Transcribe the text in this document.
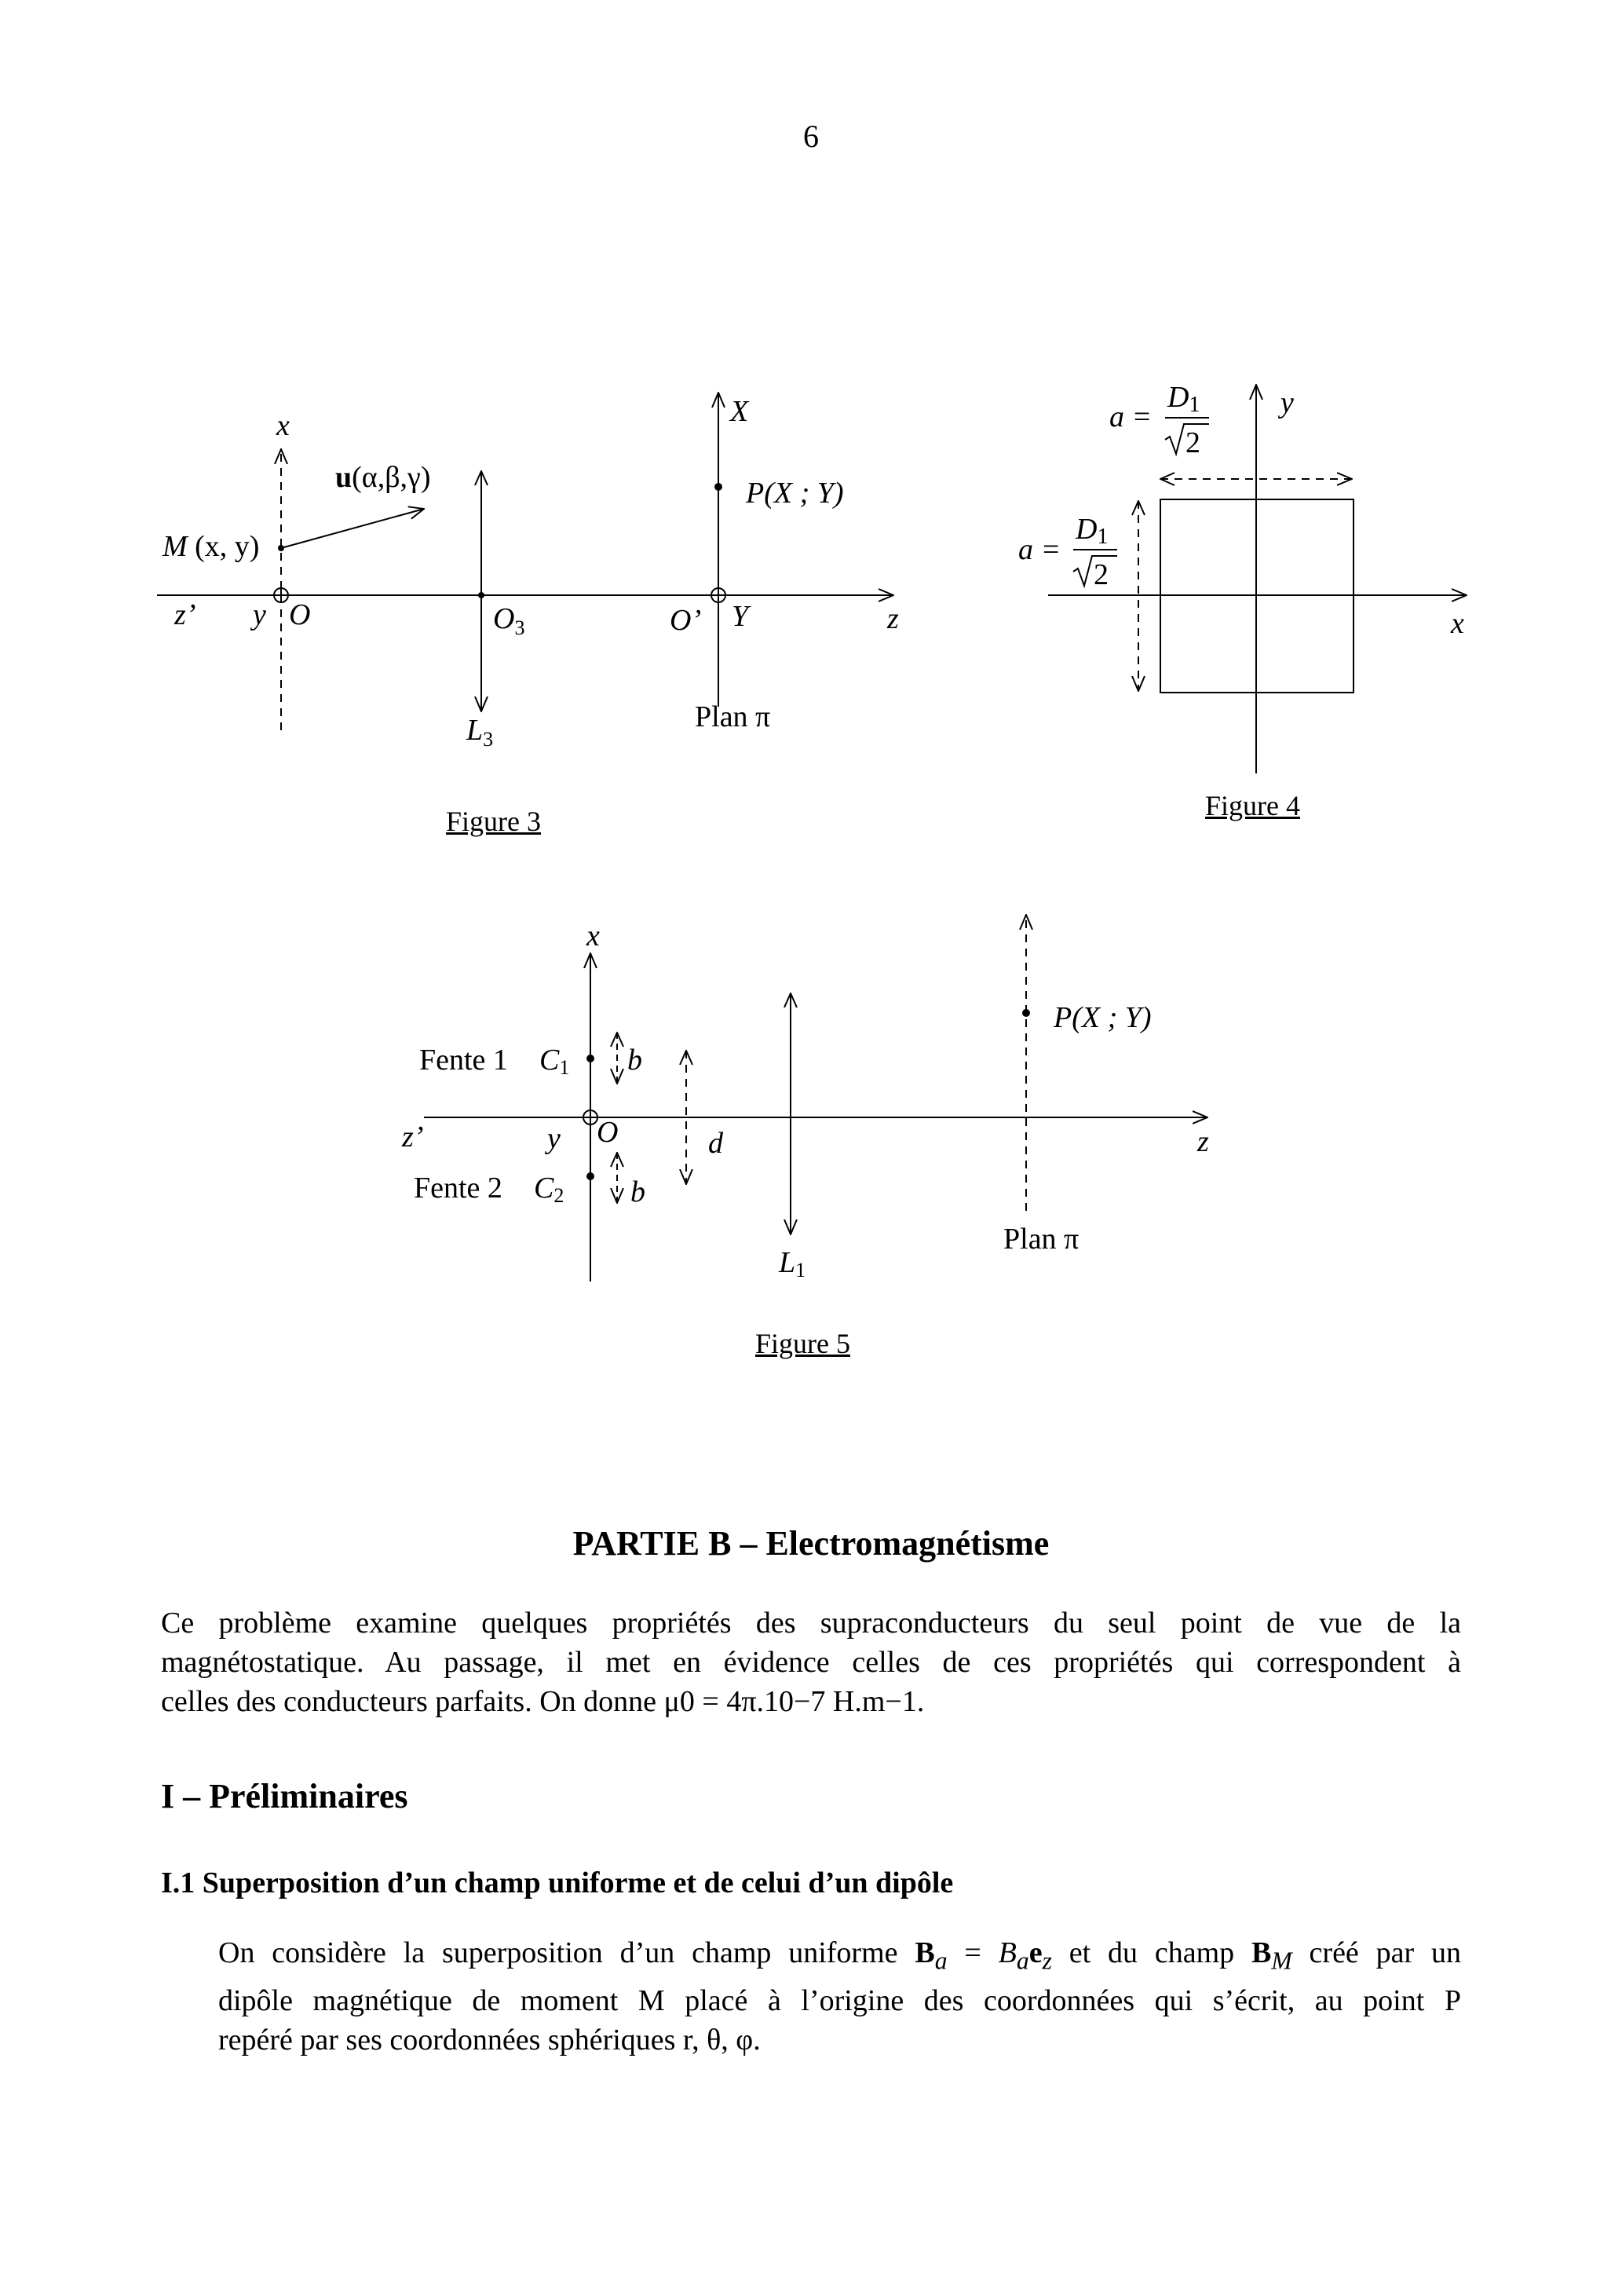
6
x
u(α,β,γ)
M (x, y)
z’ y O	$O_3$
$L_3$
X
P(X ; Y)
O’ Y	z
Plan π
Figure 3
a =
D1
2
a =
D1
2
y
x
Figure 4
x
P(X ; Y)
Fente 1 C1 b
z’	y O	d	z
Fente 2 C2 b
L1
Plan π
Figure 5
PARTIE B – Electromagnétisme
Ce problème examine quelques propriétés des supraconducteurs du seul point de vue de la
magnétostatique. Au passage, il met en évidence celles de ces propriétés qui correspondent à
celles des conducteurs parfaits. On donne μ0 = 4π.10−7 H.m−1.
I – Préliminaires
I.1 Superposition d’un champ uniforme et de celui d’un dipôle
On considère la superposition d’un champ uniforme $B_a = B_ae_z$ et du champ $B_M$ créé par un
dipôle magnétique de moment M placé à l’origine des coordonnées qui s’écrit, au point P
repéré par ses coordonnées sphériques r, θ, φ.
